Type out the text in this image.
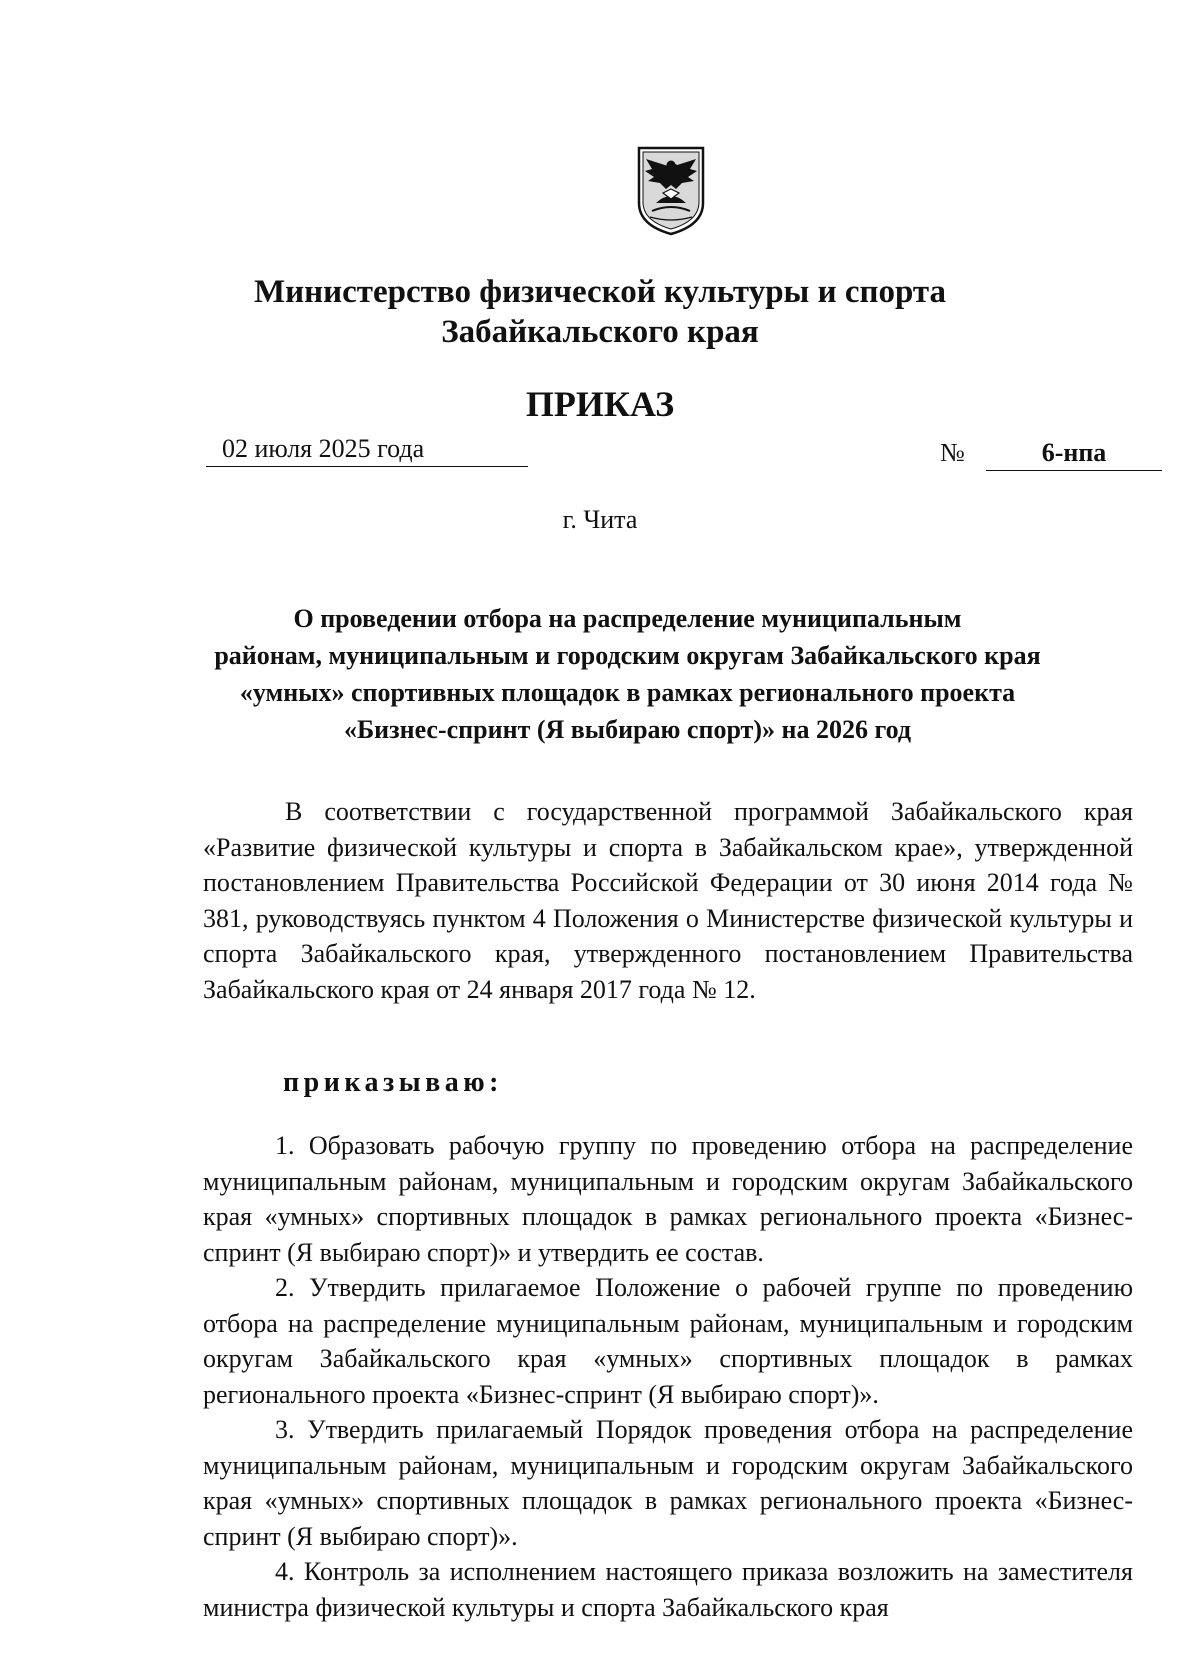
Министерство физической культуры и спорта
Забайкальского края
ПРИКАЗ
02 июля 2025 года	№	6-нпа
г. Чита
О проведении отбора на распределение муниципальным
районам, муниципальным и городским округам Забайкальского края
«умных» спортивных площадок в рамках регионального проекта
«Бизнес-спринт (Я выбираю спорт)» на 2026 год
В соответствии с государственной программой Забайкальского края «Развитие физической культуры и спорта в Забайкальском крае», утвержденной постановлением Правительства Российской Федерации от 30 июня 2014 года № 381, руководствуясь пунктом 4 Положения о Министерстве физической культуры и спорта Забайкальского края, утвержденного постановлением Правительства Забайкальского края от 24 января 2017 года № 12.
приказываю:

1. Образовать рабочую группу по проведению отбора на распределение муниципальным районам, муниципальным и городским округам Забайкальского края «умных» спортивных площадок в рамках регионального проекта «Бизнес-спринт (Я выбираю спорт)» и утвердить ее состав.

2. Утвердить прилагаемое Положение о рабочей группе по проведению отбора на распределение муниципальным районам, муниципальным и городским округам Забайкальского края «умных» спортивных площадок в рамках регионального проекта «Бизнес-спринт (Я выбираю спорт)».

3. Утвердить прилагаемый Порядок проведения отбора на распределение муниципальным районам, муниципальным и городским округам Забайкальского края «умных» спортивных площадок в рамках регионального проекта «Бизнес-спринт (Я выбираю спорт)».

4. Контроль за исполнением настоящего приказа возложить на заместителя министра физической культуры и спорта Забайкальского края
